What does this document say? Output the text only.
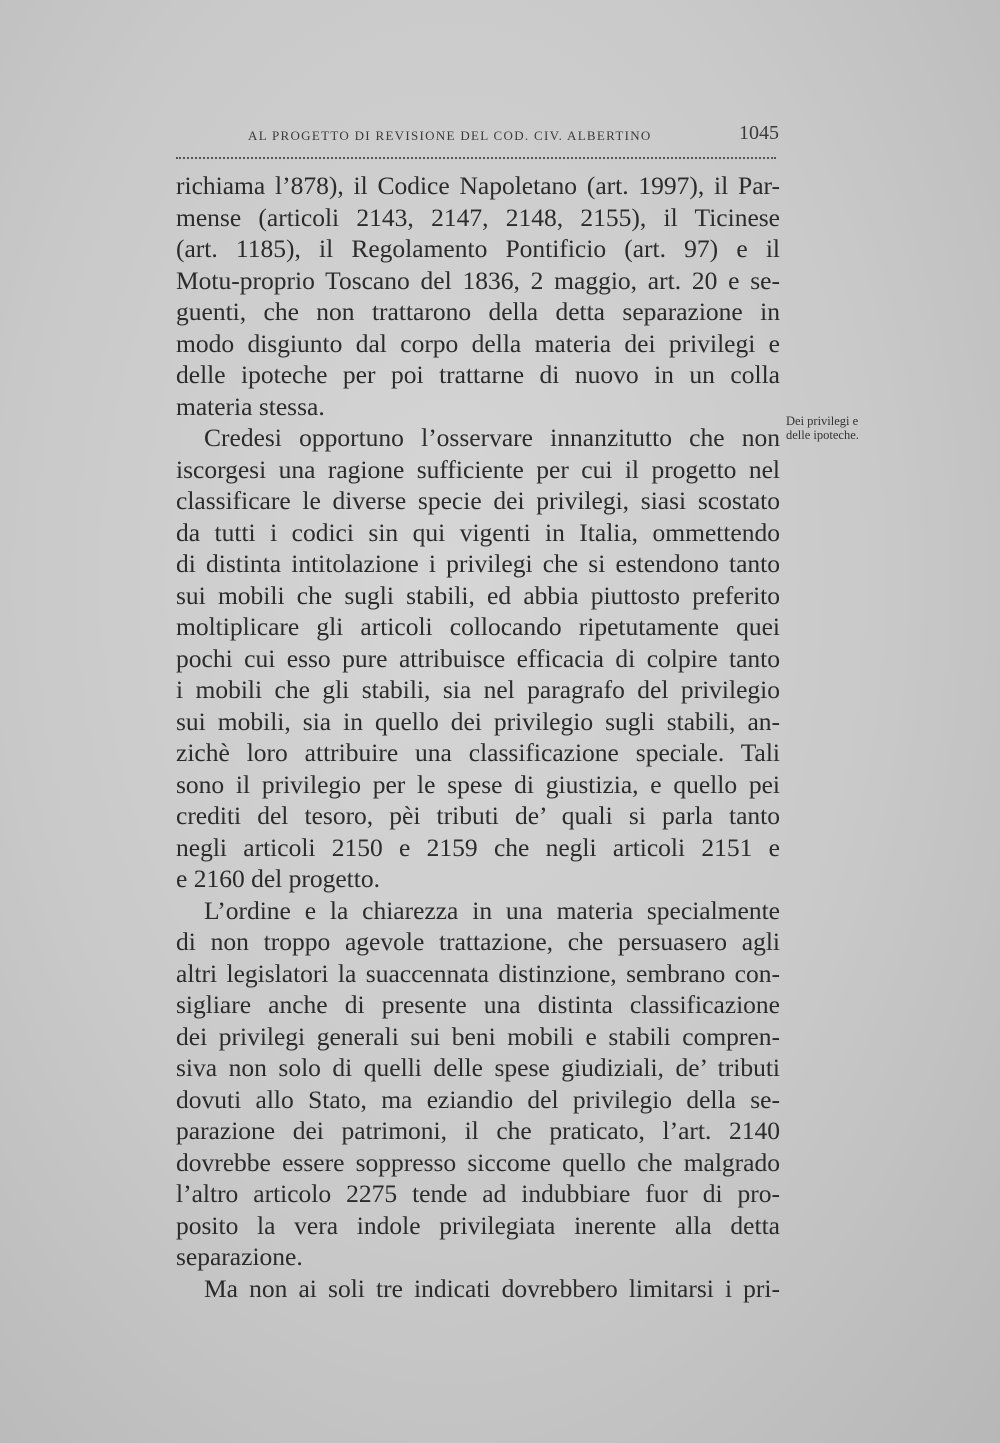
AL PROGETTO DI REVISIONE DEL COD. CIV. ALBERTINO	1045
richiama l’878), il Codice Napoletano (art. 1997), il Par-
mense (articoli 2143, 2147, 2148, 2155), il Ticinese
(art. 1185), il Regolamento Pontificio (art. 97) e il
Motu-proprio Toscano del 1836, 2 maggio, art. 20 e se-
guenti, che non trattarono della detta separazione in
modo disgiunto dal corpo della materia dei privilegi e
delle ipoteche per poi trattarne di nuovo in un colla
materia stessa.
Credesi opportuno l’osservare innanzitutto che non
iscorgesi una ragione sufficiente per cui il progetto nel
classificare le diverse specie dei privilegi, siasi scostato
da tutti i codici sin qui vigenti in Italia, ommettendo
di distinta intitolazione i privilegi che si estendono tanto
sui mobili che sugli stabili, ed abbia piuttosto preferito
moltiplicare gli articoli collocando ripetutamente quei
pochi cui esso pure attribuisce efficacia di colpire tanto
i mobili che gli stabili, sia nel paragrafo del privilegio
sui mobili, sia in quello dei privilegio sugli stabili, an-
zichè loro attribuire una classificazione speciale. Tali
sono il privilegio per le spese di giustizia, e quello pei
crediti del tesoro, pèi tributi de’ quali si parla tanto
negli articoli 2150 e 2159 che negli articoli 2151 e
e 2160 del progetto.
L’ordine e la chiarezza in una materia specialmente
di non troppo agevole trattazione, che persuasero agli
altri legislatori la suaccennata distinzione, sembrano con-
sigliare anche di presente una distinta classificazione
dei privilegi generali sui beni mobili e stabili compren-
siva non solo di quelli delle spese giudiziali, de’ tributi
dovuti allo Stato, ma eziandio del privilegio della se-
parazione dei patrimoni, il che praticato, l’art. 2140
dovrebbe essere soppresso siccome quello che malgrado
l’altro articolo 2275 tende ad indubbiare fuor di pro-
posito la vera indole privilegiata inerente alla detta
separazione.
Ma non ai soli tre indicati dovrebbero limitarsi i pri-
Dei privilegi e
delle ipoteche.
